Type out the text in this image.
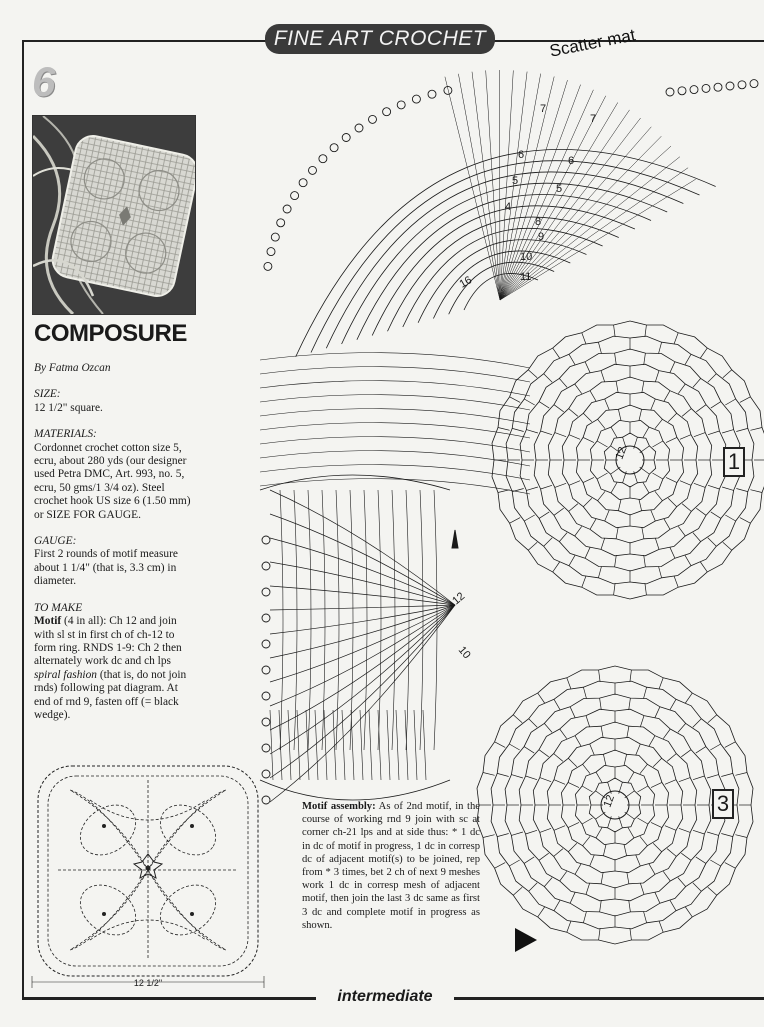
FINE ART CROCHET	Scatter mat
6
COMPOSURE

By Fatma Ozcan

SIZE:
12 1/2" square.

MATERIALS:
Cordonnet crochet cotton size 5, ecru, about 280 yds (our designer used Petra DMC, Art. 993, no. 5, ecru, 50 gms/1 3/4 oz). Steel crochet hook US size 6 (1.50 mm) or SIZE FOR GAUGE.

GAUGE:
First 2 rounds of motif measure about 1 1/4" (that is, 3.3 cm) in diameter.

TO MAKE
Motif (4 in all): Ch 12 and join with sl st in first ch of ch-12 to form ring. RNDS 1-9: Ch 2 then alternately work dc and ch lps spiral fashion (that is, do not join rnds) following pat diagram. At end of rnd 9, fasten off (= black wedge).

12 1/2"
7
7
6	6
5
5
4
8
9
10
11
12
12
16
12
10
1
3
Motif assembly: As of 2nd motif, in the course of working rnd 9 join with sc at corner ch-21 lps and at side thus: * 1 dc in dc of motif in progress, 1 dc in corresp dc of adjacent motif(s) to be joined, rep from * 3 times, bet 2 ch of next 9 meshes work 1 dc in corresp mesh of adjacent motif, then join the last 3 dc same as first 3 dc and complete motif in progress as shown.
intermediate
